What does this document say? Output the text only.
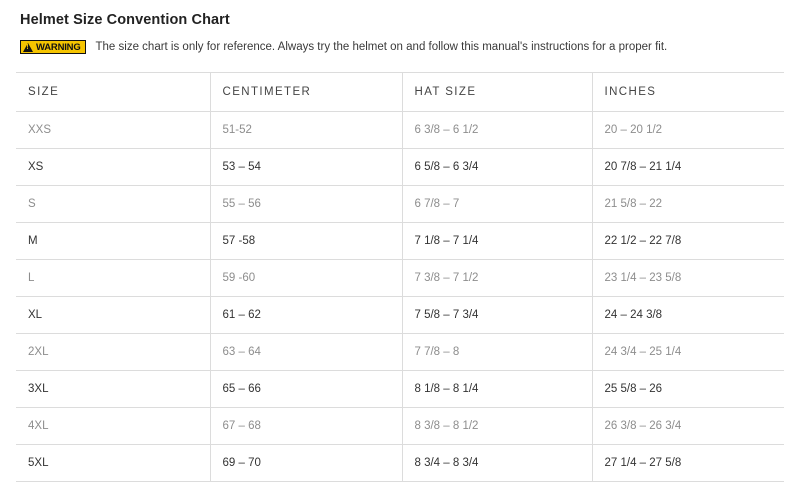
Helmet Size Convention Chart
!
WARNING The size chart is only for reference. Always try the helmet on and follow this manual's instructions for a proper fit.
SIZE	CENTIMETER	HAT SIZE	INCHES
XXS	51-52	6 3/8 – 6 1/2	20 – 20 1/2
XS	53 – 54	6 5/8 – 6 3/4	20 7/8 – 21 1/4
S	55 – 56	6 7/8 – 7	21 5/8 – 22
M	57 -58	7 1/8 – 7 1/4	22 1/2 – 22 7/8
L	59 -60	7 3/8 – 7 1/2	23 1/4 – 23 5/8
XL	61 – 62	7 5/8 – 7 3/4	24 – 24 3/8
2XL	63 – 64	7 7/8 – 8	24 3/4 – 25 1/4
3XL	65 – 66	8 1/8 – 8 1/4	25 5/8 – 26
4XL	67 – 68	8 3/8 – 8 1/2	26 3/8 – 26 3/4
5XL	69 – 70	8 3/4 – 8 3/4	27 1/4 – 27 5/8
